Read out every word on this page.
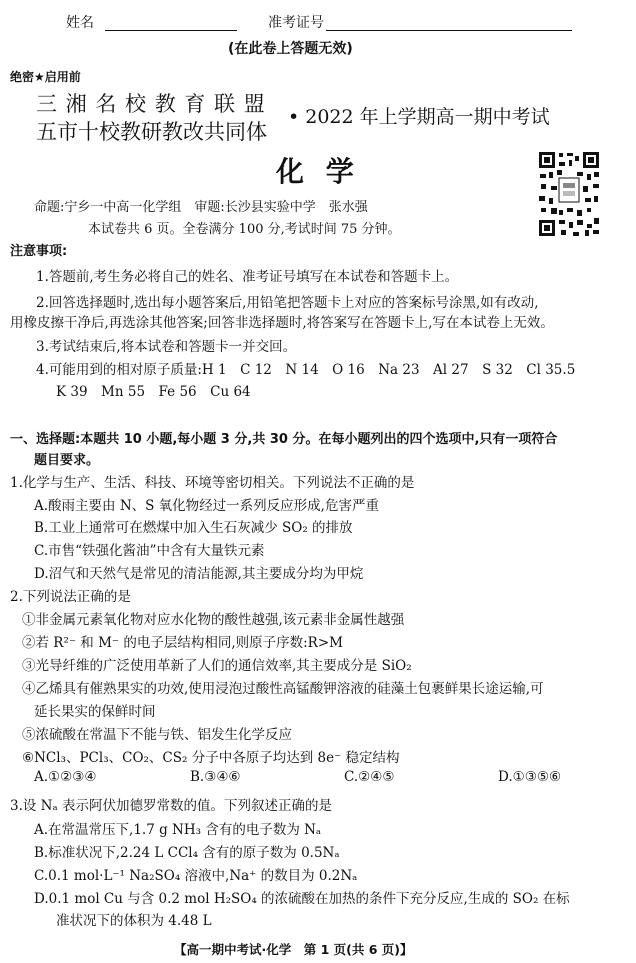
姓名	准考证号
(在此卷上答题无效)
绝密★启用前
三 湘 名 校 教 育 联 盟
五市十校教研教改共同体
• 2022 年上学期高一期中考试
化 学
命题:宁乡一中高一化学组　审题:长沙县实验中学　张水强
本试卷共 6 页。全卷满分 100 分,考试时间 75 分钟。
注意事项:
1.答题前,考生务必将自己的姓名、准考证号填写在本试卷和答题卡上。
2.回答选择题时,选出每小题答案后,用铅笔把答题卡上对应的答案标号涂黑,如有改动,
用橡皮擦干净后,再选涂其他答案;回答非选择题时,将答案写在答题卡上,写在本试卷上无效。
3.考试结束后,将本试卷和答题卡一并交回。
4.可能用到的相对原子质量:H 1　C 12　N 14　O 16　Na 23　Al 27　S 32　Cl 35.5
K 39　Mn 55　Fe 56　Cu 64
一、选择题:本题共 10 小题,每小题 3 分,共 30 分。在每小题列出的四个选项中,只有一项符合
题目要求。
1.化学与生产、生活、科技、环境等密切相关。下列说法不正确的是
A.酸雨主要由 N、S 氧化物经过一系列反应形成,危害严重
B.工业上通常可在燃煤中加入生石灰减少 SO₂ 的排放
C.市售“铁强化酱油”中含有大量铁元素
D.沼气和天然气是常见的清洁能源,其主要成分均为甲烷
2.下列说法正确的是
①非金属元素氧化物对应水化物的酸性越强,该元素非金属性越强
②若 R²⁻ 和 M⁻ 的电子层结构相同,则原子序数:R>M
③光导纤维的广泛使用革新了人们的通信效率,其主要成分是 SiO₂
④乙烯具有催熟果实的功效,使用浸泡过酸性高锰酸钾溶液的硅藻土包裹鲜果长途运输,可
延长果实的保鲜时间
⑤浓硫酸在常温下不能与铁、铝发生化学反应
⑥NCl₃、PCl₃、CO₂、CS₂ 分子中各原子均达到 8e⁻ 稳定结构
A.①②③④	B.③④⑥	C.②④⑤	D.①③⑤⑥
3.设 Nₐ 表示阿伏加德罗常数的值。下列叙述正确的是
A.在常温常压下,1.7 g NH₃ 含有的电子数为 Nₐ
B.标准状况下,2.24 L CCl₄ 含有的原子数为 0.5Nₐ
C.0.1 mol·L⁻¹ Na₂SO₄ 溶液中,Na⁺ 的数目为 0.2Nₐ
D.0.1 mol Cu 与含 0.2 mol H₂SO₄ 的浓硫酸在加热的条件下充分反应,生成的 SO₂ 在标
准状况下的体积为 4.48 L
【高一期中考试·化学　第 1 页(共 6 页)】
